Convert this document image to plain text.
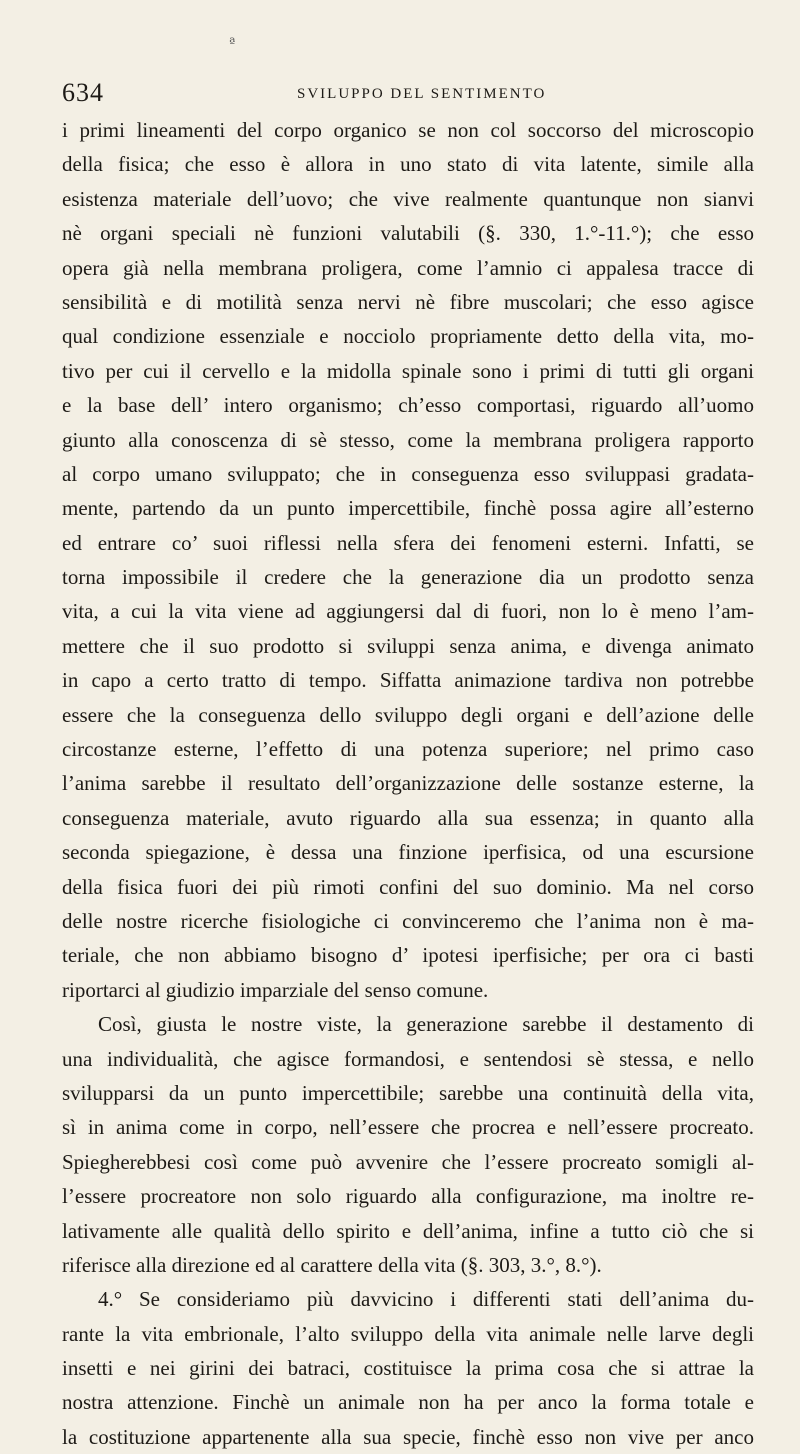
ª
634	SVILUPPO DEL SENTIMENTO
i primi lineamenti del corpo organico se non col soccorso del microscopio
della fisica; che esso è allora in uno stato di vita latente, simile alla
esistenza materiale dell’uovo; che vive realmente quantunque non sianvi
nè organi speciali nè funzioni valutabili (§. 330, 1.°-11.°); che esso
opera già nella membrana proligera, come l’amnio ci appalesa tracce di
sensibilità e di motilità senza nervi nè fibre muscolari; che esso agisce
qual condizione essenziale e nocciolo propriamente detto della vita, mo-
tivo per cui il cervello e la midolla spinale sono i primi di tutti gli organi
e la base dell’ intero organismo; ch’esso comportasi, riguardo all’uomo
giunto alla conoscenza di sè stesso, come la membrana proligera rapporto
al corpo umano sviluppato; che in conseguenza esso sviluppasi gradata-
mente, partendo da un punto impercettibile, finchè possa agire all’esterno
ed entrare co’ suoi riflessi nella sfera dei fenomeni esterni. Infatti, se
torna impossibile il credere che la generazione dia un prodotto senza
vita, a cui la vita viene ad aggiungersi dal di fuori, non lo è meno l’am-
mettere che il suo prodotto si sviluppi senza anima, e divenga animato
in capo a certo tratto di tempo. Siffatta animazione tardiva non potrebbe
essere che la conseguenza dello sviluppo degli organi e dell’azione delle
circostanze esterne, l’effetto di una potenza superiore; nel primo caso
l’anima sarebbe il resultato dell’organizzazione delle sostanze esterne, la
conseguenza materiale, avuto riguardo alla sua essenza; in quanto alla
seconda spiegazione, è dessa una finzione iperfisica, od una escursione
della fisica fuori dei più rimoti confini del suo dominio. Ma nel corso
delle nostre ricerche fisiologiche ci convinceremo che l’anima non è ma-
teriale, che non abbiamo bisogno d’ ipotesi iperfisiche; per ora ci basti
riportarci al giudizio imparziale del senso comune.
Così, giusta le nostre viste, la generazione sarebbe il destamento di
una individualità, che agisce formandosi, e sentendosi sè stessa, e nello
svilupparsi da un punto impercettibile; sarebbe una continuità della vita,
sì in anima come in corpo, nell’essere che procrea e nell’essere procreato.
Spiegherebbesi così come può avvenire che l’essere procreato somigli al-
l’essere procreatore non solo riguardo alla configurazione, ma inoltre re-
lativamente alle qualità dello spirito e dell’anima, infine a tutto ciò che si
riferisce alla direzione ed al carattere della vita (§. 303, 3.°, 8.°).
4.° Se consideriamo più davvicino i differenti stati dell’anima du-
rante la vita embrionale, l’alto sviluppo della vita animale nelle larve degli
insetti e nei girini dei batraci, costituisce la prima cosa che si attrae la
nostra attenzione. Finchè un animale non ha per anco la forma totale e
la costituzione appartenente alla sua specie, finchè esso non vive per anco
